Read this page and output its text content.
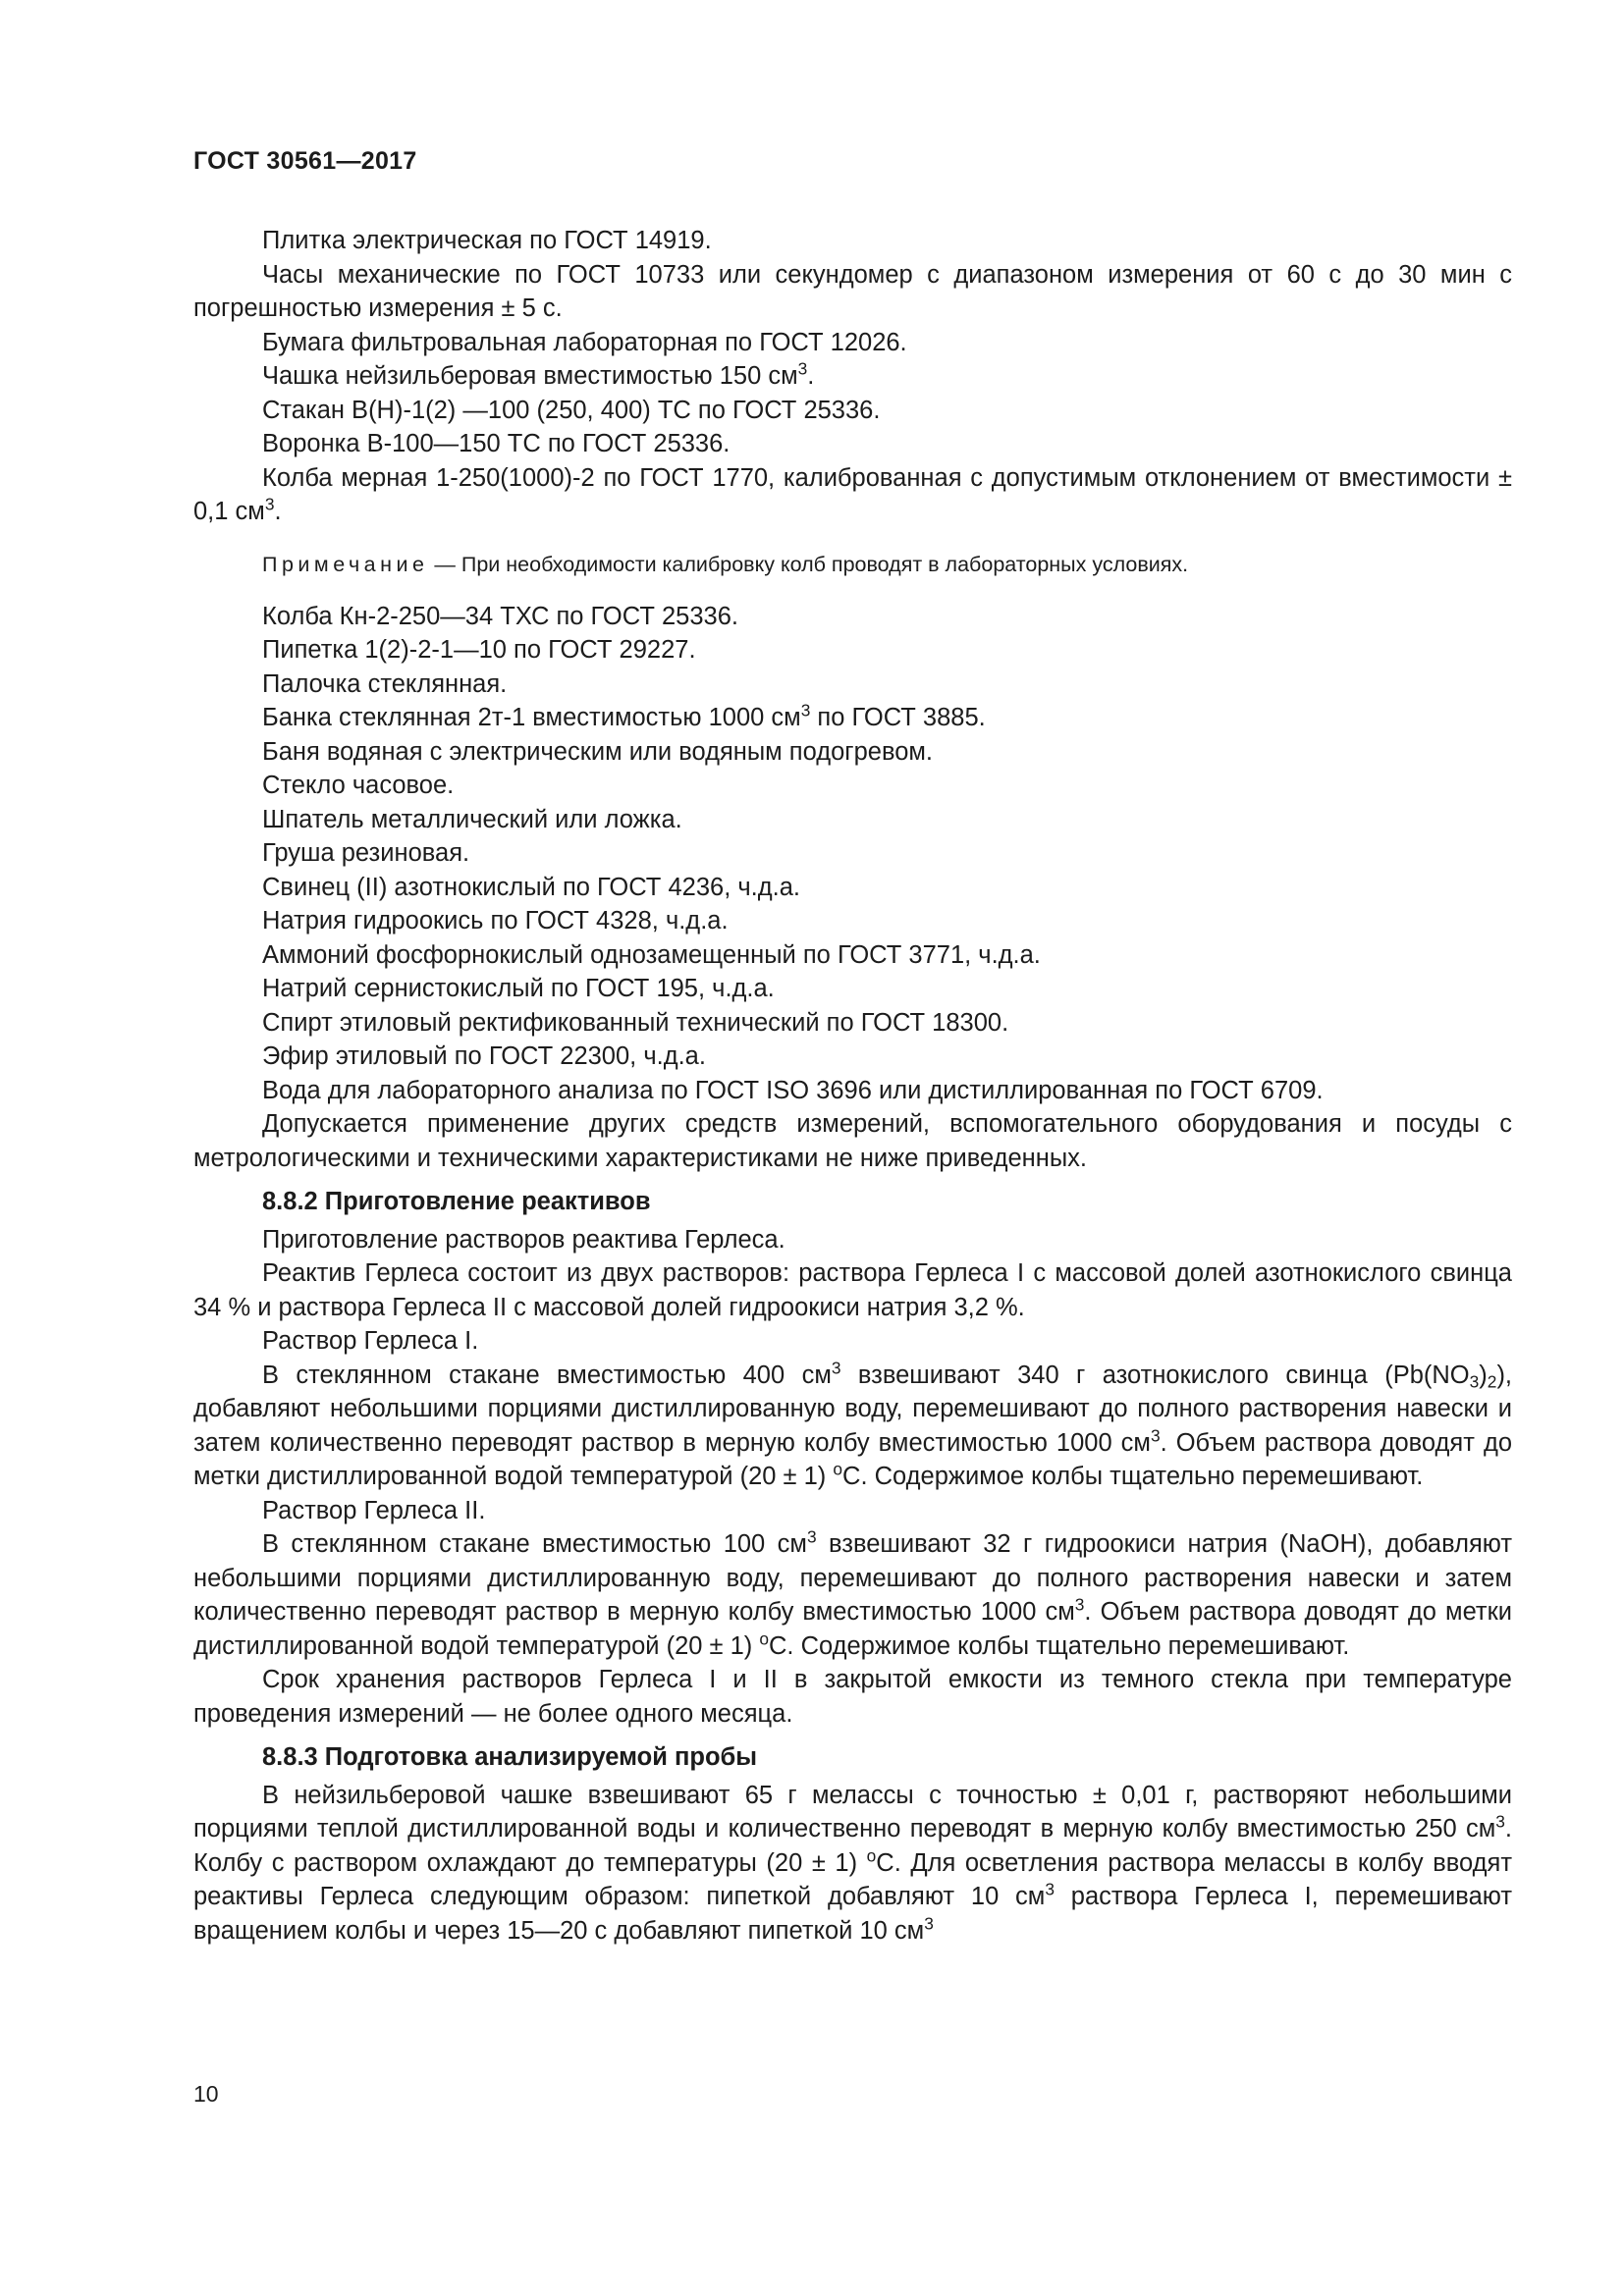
ГОСТ 30561—2017

Плитка электрическая по ГОСТ 14919.

Часы механические по ГОСТ 10733 или секундомер с диапазоном измерения от 60 с до 30 мин с погрешностью измерения ± 5 с.

Бумага фильтровальная лабораторная по ГОСТ 12026.

Чашка нейзильберовая вместимостью 150 $см^3$.

Стакан В(Н)-1(2) —100 (250, 400) ТС по ГОСТ 25336.

Воронка В-100—150 ТС по ГОСТ 25336.

Колба мерная 1-250(1000)-2 по ГОСТ 1770, калиброванная с допустимым отклонением от вместимости ± 0,1 $см^3$.

Примечание — При необходимости калибровку колб проводят в лабораторных условиях.

Колба Кн-2-250—34 ТХС по ГОСТ 25336.

Пипетка 1(2)-2-1—10 по ГОСТ 29227.

Палочка стеклянная.

Банка стеклянная 2т-1 вместимостью 1000 $см^3$ по ГОСТ 3885.

Баня водяная с электрическим или водяным подогревом.

Стекло часовое.

Шпатель металлический или ложка.

Груша резиновая.

Свинец (II) азотнокислый по ГОСТ 4236, ч.д.а.

Натрия гидроокись по ГОСТ 4328, ч.д.а.

Аммоний фосфорнокислый однозамещенный по ГОСТ 3771, ч.д.а.

Натрий сернистокислый по ГОСТ 195, ч.д.а.

Спирт этиловый ректификованный технический по ГОСТ 18300.

Эфир этиловый по ГОСТ 22300, ч.д.а.

Вода для лабораторного анализа по ГОСТ ISO 3696 или дистиллированная по ГОСТ 6709.

Допускается применение других средств измерений, вспомогательного оборудования и посуды с метрологическими и техническими характеристиками не ниже приведенных.

8.8.2 Приготовление реактивов

Приготовление растворов реактива Герлеса.

Реактив Герлеса состоит из двух растворов: раствора Герлеса I с массовой долей азотнокислого свинца 34 % и раствора Герлеса II с массовой долей гидроокиси натрия 3,2 %.

Раствор Герлеса I.

В стеклянном стакане вместимостью 400 $см^3$ взвешивают 340 г азотнокислого свинца $(Pb(NO_3)_2)$, добавляют небольшими порциями дистиллированную воду, перемешивают до полного растворения навески и затем количественно переводят раствор в мерную колбу вместимостью 1000 $см^3$. Объем раствора доводят до метки дистиллированной водой температурой (20 ± 1) $^о$С. Содержимое колбы тщательно перемешивают.

Раствор Герлеса II.

В стеклянном стакане вместимостью 100 $см^3$ взвешивают 32 г гидроокиси натрия (NaOH), добавляют небольшими порциями дистиллированную воду, перемешивают до полного растворения навески и затем количественно переводят раствор в мерную колбу вместимостью 1000 $см^3$. Объем раствора доводят до метки дистиллированной водой температурой (20 ± 1) $^о$С. Содержимое колбы тщательно перемешивают.

Срок хранения растворов Герлеса I и II в закрытой емкости из темного стекла при температуре проведения измерений — не более одного месяца.

8.8.3 Подготовка анализируемой пробы

В нейзильберовой чашке взвешивают 65 г мелассы с точностью ± 0,01 г, растворяют небольшими порциями теплой дистиллированной воды и количественно переводят в мерную колбу вместимостью 250 $см^3$. Колбу с раствором охлаждают до температуры (20 ± 1) $^о$С. Для осветления раствора мелассы в колбу вводят реактивы Герлеса следующим образом: пипеткой добавляют 10 $см^3$ раствора Герлеса I, перемешивают вращением колбы и через 15—20 с добавляют пипеткой 10 $см^3$

10
